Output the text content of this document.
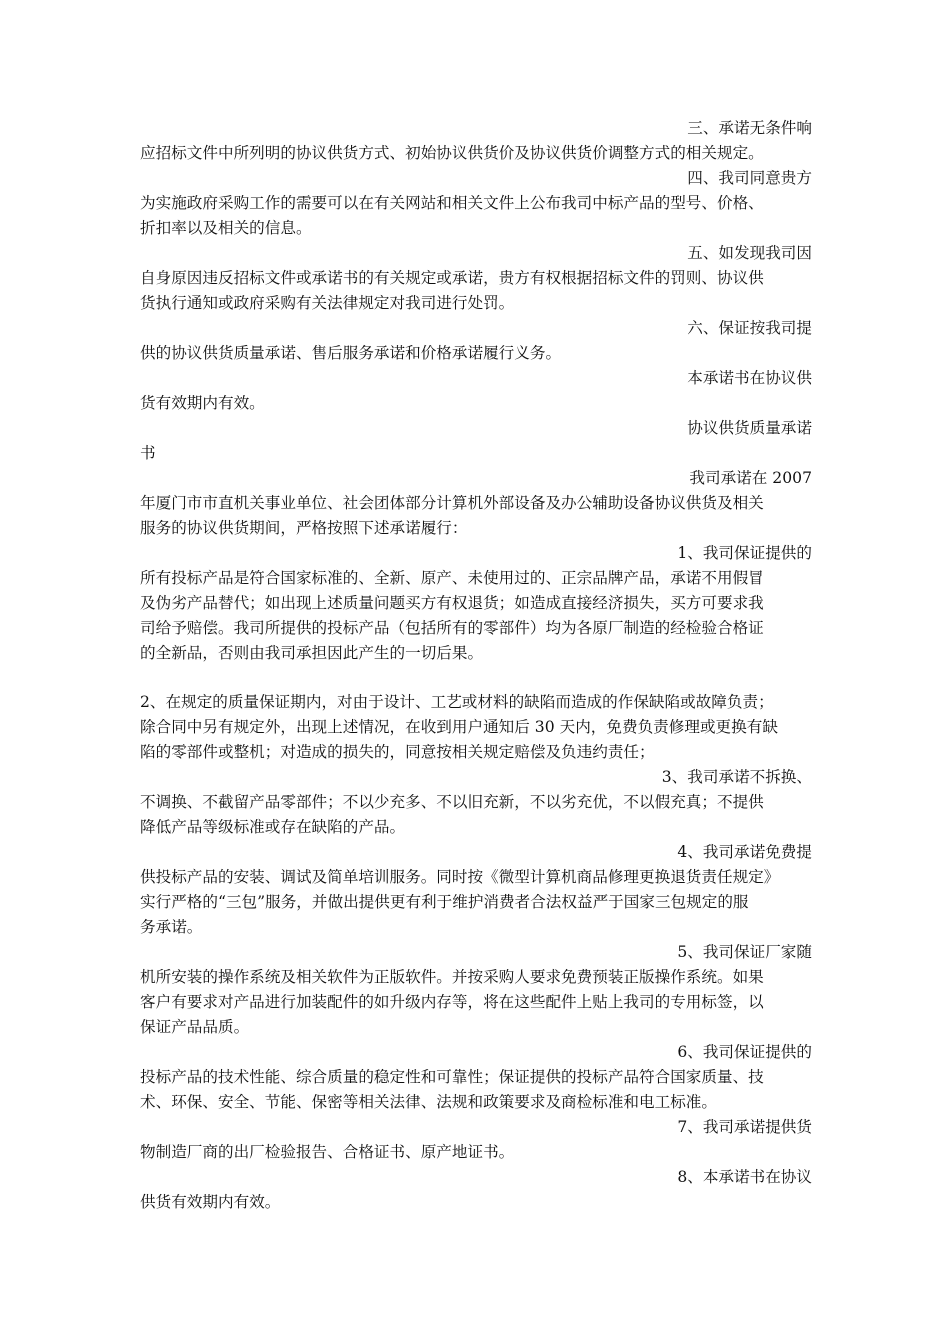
三、承诺无条件响
应招标文件中所列明的协议供货方式、初始协议供货价及协议供货价调整方式的相关规定。
四、我司同意贵方
为实施政府采购工作的需要可以在有关网站和相关文件上公布我司中标产品的型号、价格、
折扣率以及相关的信息。
五、如发现我司因
自身原因违反招标文件或承诺书的有关规定或承诺，贵方有权根据招标文件的罚则、协议供
货执行通知或政府采购有关法律规定对我司进行处罚。
六、保证按我司提
供的协议供货质量承诺、售后服务承诺和价格承诺履行义务。
本承诺书在协议供
货有效期内有效。
协议供货质量承诺
书
我司承诺在 2007
年厦门市市直机关事业单位、社会团体部分计算机外部设备及办公辅助设备协议供货及相关
服务的协议供货期间，严格按照下述承诺履行：
1、我司保证提供的
所有投标产品是符合国家标准的、全新、原产、未使用过的、正宗品牌产品，承诺不用假冒
及伪劣产品替代；如出现上述质量问题买方有权退货；如造成直接经济损失，买方可要求我
司给予赔偿。我司所提供的投标产品（包括所有的零部件）均为各原厂制造的经检验合格证
的全新品，否则由我司承担因此产生的一切后果。
2、在规定的质量保证期内，对由于设计、工艺或材料的缺陷而造成的作保缺陷或故障负责；
除合同中另有规定外，出现上述情况，在收到用户通知后 30 天内，免费负责修理或更换有缺
陷的零部件或整机；对造成的损失的，同意按相关规定赔偿及负违约责任；
3、我司承诺不拆换、
不调换、不截留产品零部件；不以少充多、不以旧充新，不以劣充优，不以假充真；不提供
降低产品等级标准或存在缺陷的产品。
4、我司承诺免费提
供投标产品的安装、调试及简单培训服务。同时按《微型计算机商品修理更换退货责任规定》
实行严格的“三包”服务，并做出提供更有利于维护消费者合法权益严于国家三包规定的服
务承诺。
5、我司保证厂家随
机所安装的操作系统及相关软件为正版软件。并按采购人要求免费预装正版操作系统。如果
客户有要求对产品进行加装配件的如升级内存等，将在这些配件上贴上我司的专用标签，以
保证产品品质。
6、我司保证提供的
投标产品的技术性能、综合质量的稳定性和可靠性；保证提供的投标产品符合国家质量、技
术、环保、安全、节能、保密等相关法律、法规和政策要求及商检标准和电工标准。
7、我司承诺提供货
物制造厂商的出厂检验报告、合格证书、原产地证书。
8、本承诺书在协议
供货有效期内有效。
